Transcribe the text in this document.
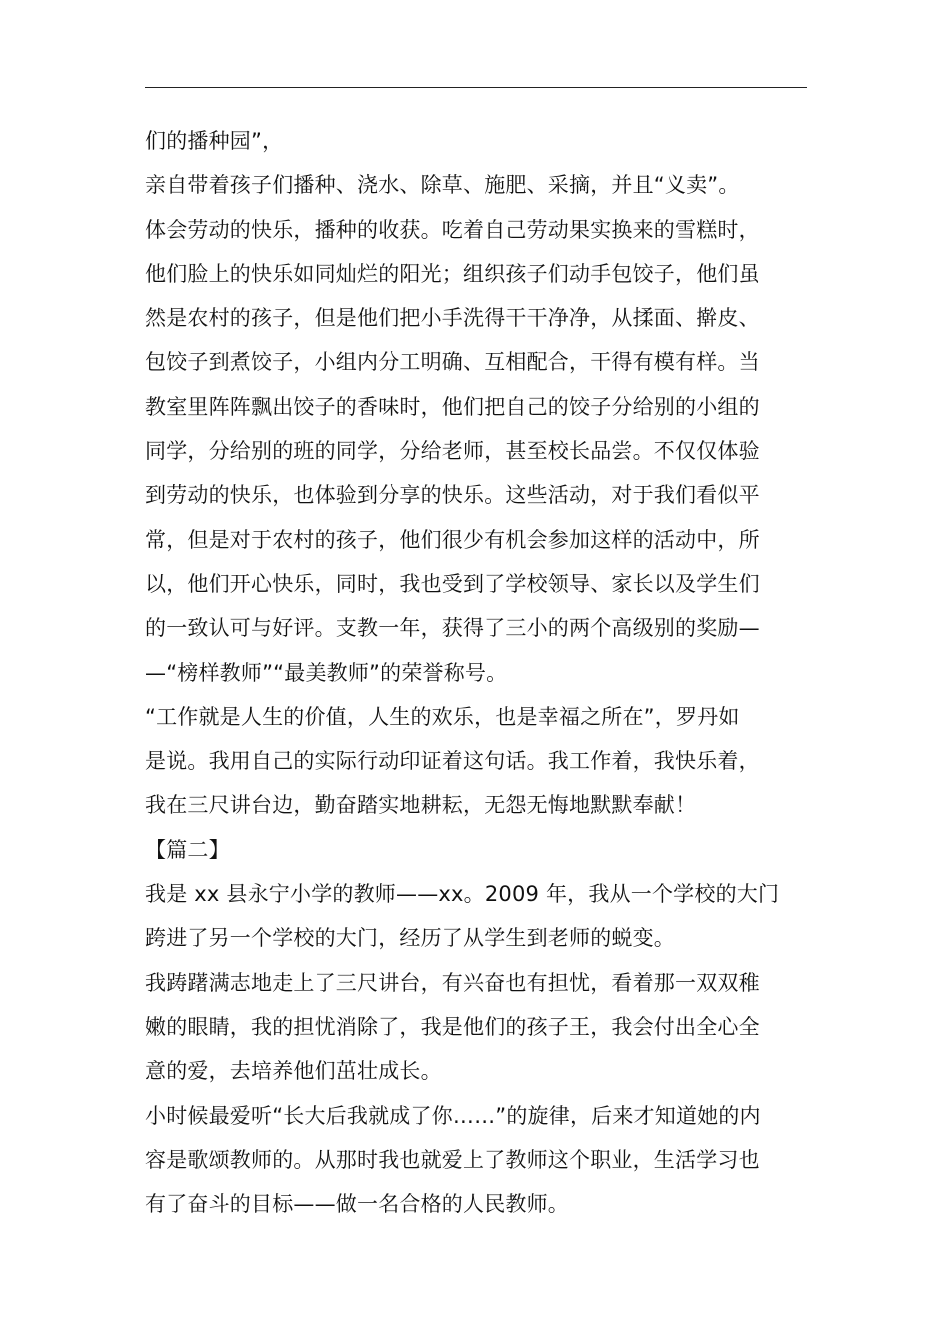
们的播种园”，
亲自带着孩子们播种、浇水、除草、施肥、采摘，并且“义卖”。
体会劳动的快乐，播种的收获。吃着自己劳动果实换来的雪糕时，
他们脸上的快乐如同灿烂的阳光；组织孩子们动手包饺子，他们虽
然是农村的孩子，但是他们把小手洗得干干净净，从揉面、擀皮、
包饺子到煮饺子，小组内分工明确、互相配合，干得有模有样。当
教室里阵阵飘出饺子的香味时，他们把自己的饺子分给别的小组的
同学，分给别的班的同学，分给老师，甚至校长品尝。不仅仅体验
到劳动的快乐，也体验到分享的快乐。这些活动，对于我们看似平
常，但是对于农村的孩子，他们很少有机会参加这样的活动中，所
以，他们开心快乐，同时，我也受到了学校领导、家长以及学生们
的一致认可与好评。支教一年，获得了三小的两个高级别的奖励—
—“榜样教师”“最美教师”的荣誉称号。
“工作就是人生的价值，人生的欢乐，也是幸福之所在”，罗丹如
是说。我用自己的实际行动印证着这句话。我工作着，我快乐着，
我在三尺讲台边，勤奋踏实地耕耘，无怨无悔地默默奉献！
【篇二】
我是 xx 县永宁小学的教师——xx。2009 年，我从一个学校的大门
跨进了另一个学校的大门，经历了从学生到老师的蜕变。
我踌躇满志地走上了三尺讲台，有兴奋也有担忧，看着那一双双稚
嫩的眼睛，我的担忧消除了，我是他们的孩子王，我会付出全心全
意的爱，去培养他们茁壮成长。
小时候最爱听“长大后我就成了你……”的旋律，后来才知道她的内
容是歌颂教师的。从那时我也就爱上了教师这个职业，生活学习也
有了奋斗的目标——做一名合格的人民教师。
